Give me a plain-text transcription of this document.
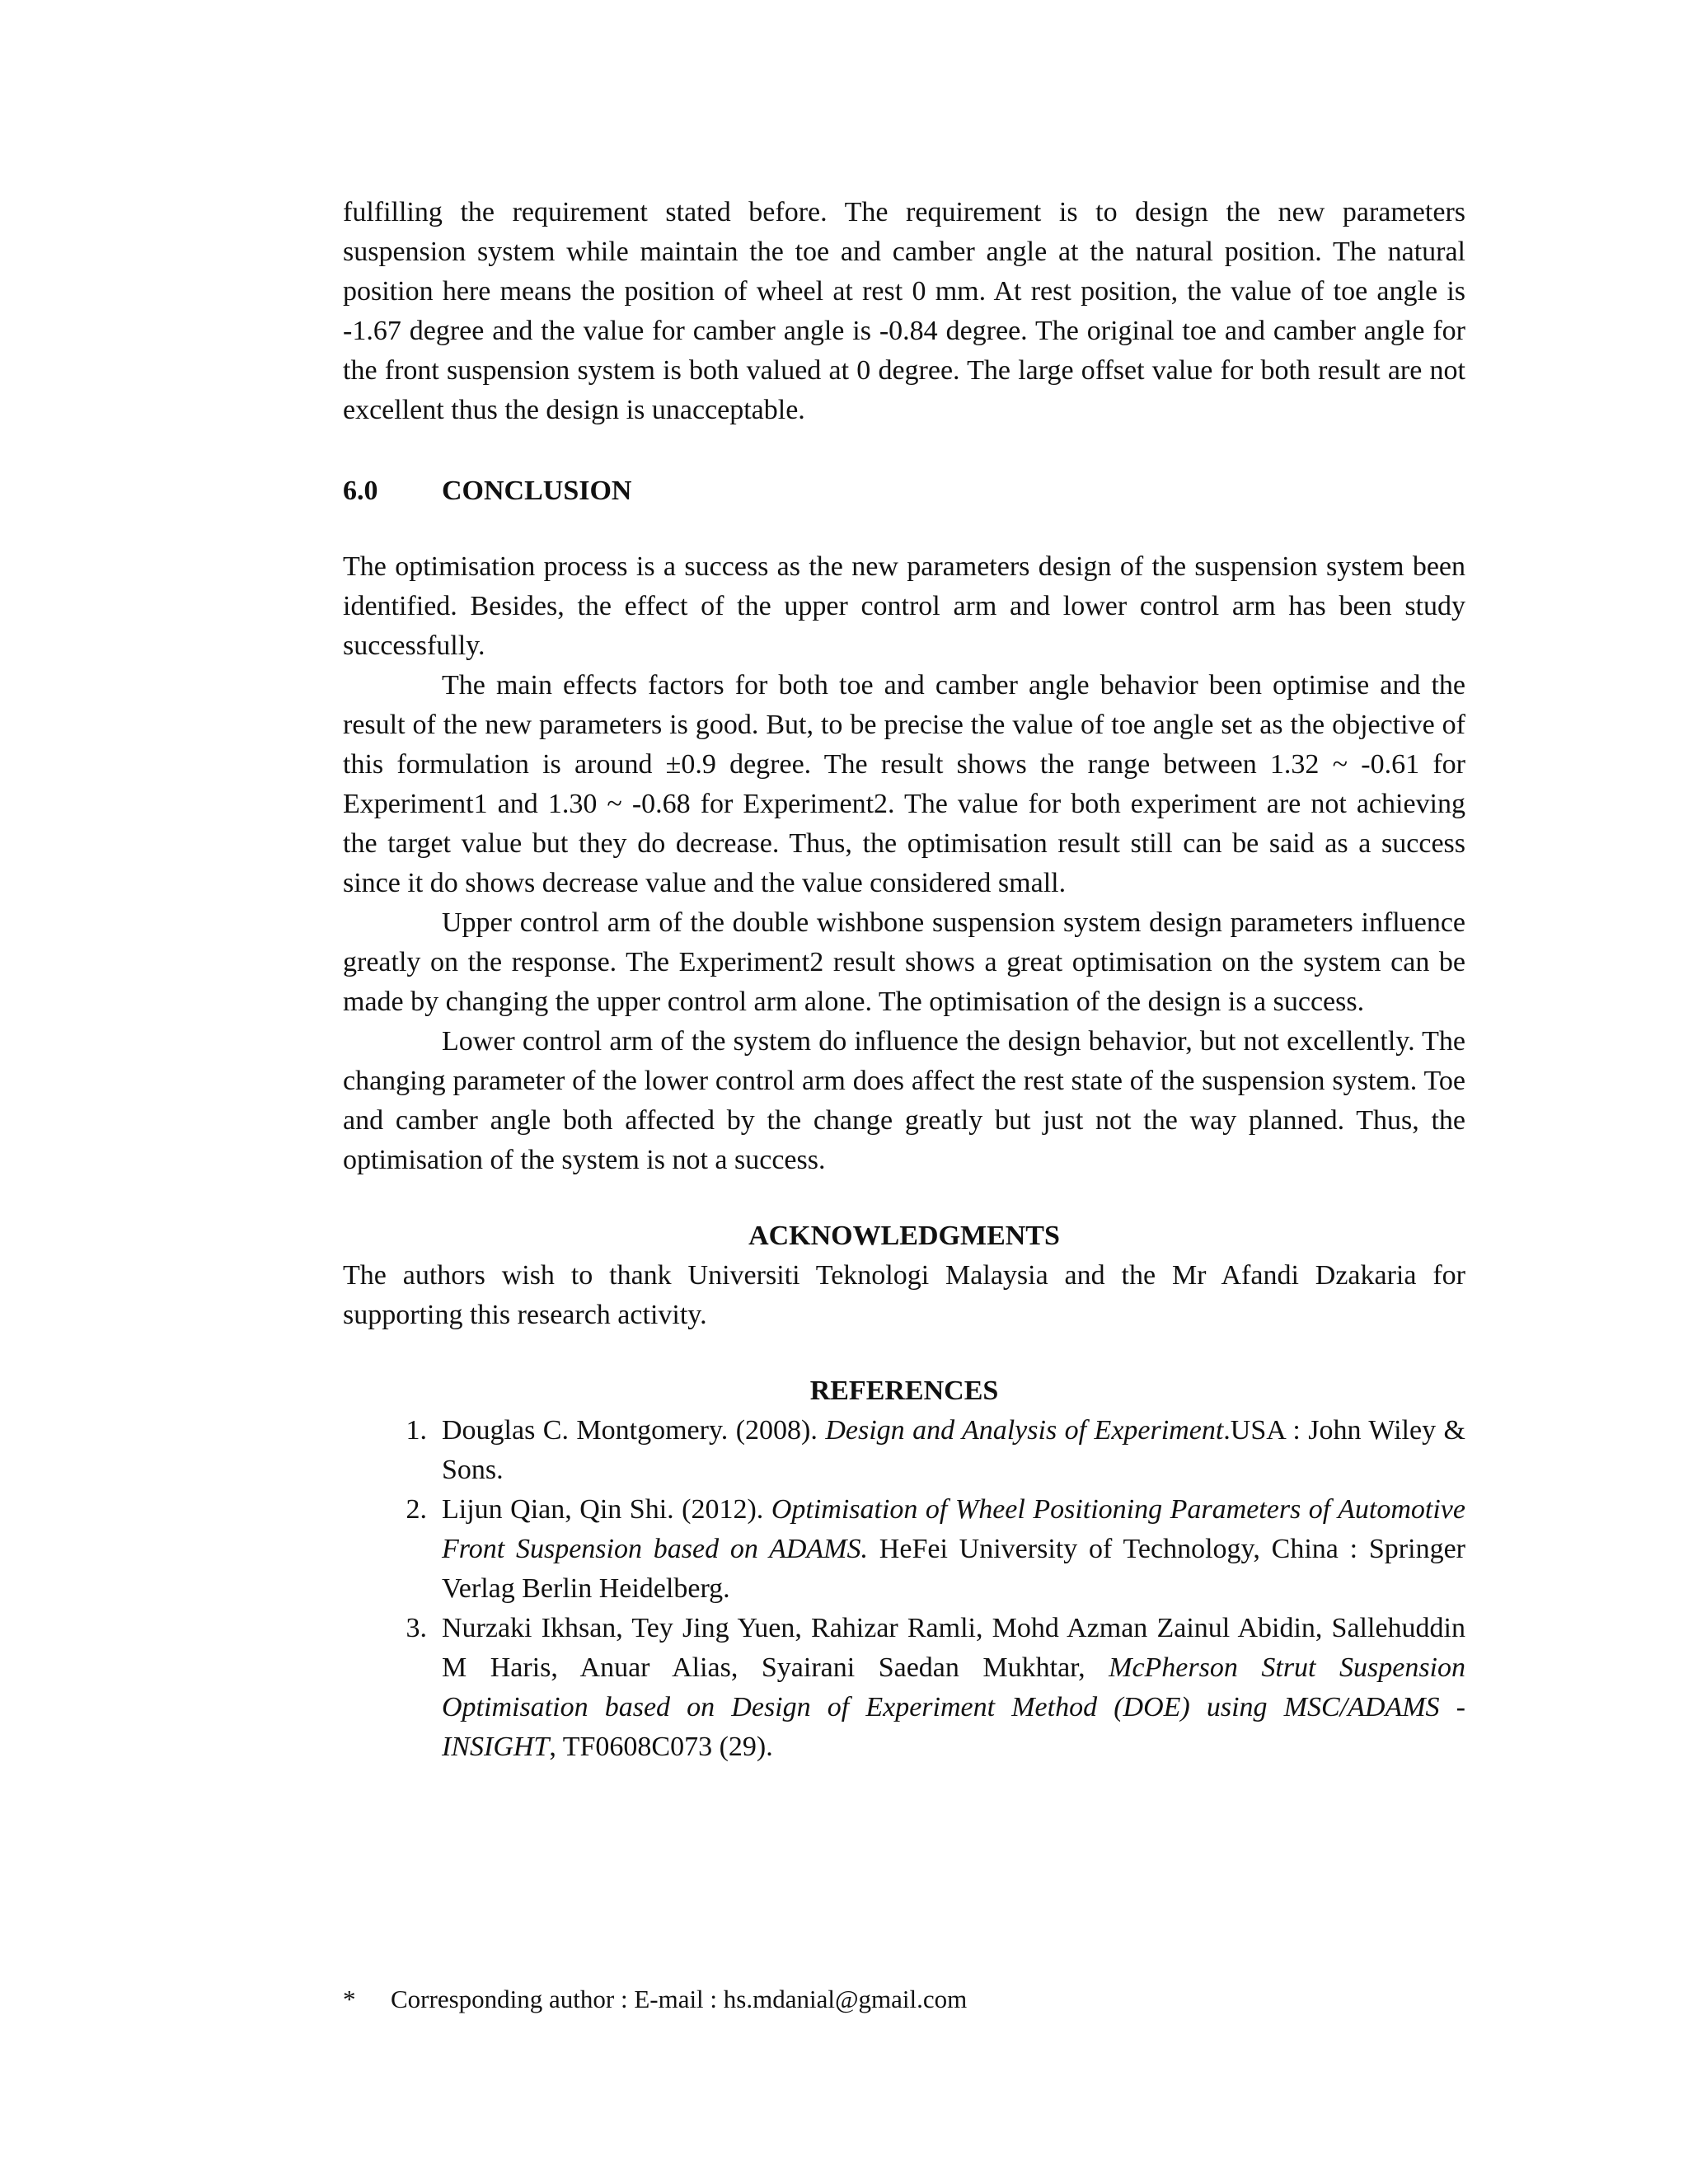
fulfilling the requirement stated before. The requirement is to design the new parameters suspension system while maintain the toe and camber angle at the natural position. The natural position here means the position of wheel at rest 0 mm. At rest position, the value of toe angle is -1.67 degree and the value for camber angle is -0.84 degree. The original toe and camber angle for the front suspension system is both valued at 0 degree. The large offset value for both result are not excellent thus the design is unacceptable.

6.0	CONCLUSION

The optimisation process is a success as the new parameters design of the suspension system been identified. Besides, the effect of the upper control arm and lower control arm has been study successfully.

The main effects factors for both toe and camber angle behavior been optimise and the result of the new parameters is good. But, to be precise the value of toe angle set as the objective of this formulation is around ±0.9 degree. The result shows the range between 1.32 ~ -0.61 for Experiment1 and 1.30 ~ -0.68 for Experiment2. The value for both experiment are not achieving the target value but they do decrease. Thus, the optimisation result still can be said as a success since it do shows decrease value and the value considered small.

Upper control arm of the double wishbone suspension system design parameters influence greatly on the response. The Experiment2 result shows a great optimisation on the system can be made by changing the upper control arm alone. The optimisation of the design is a success.

Lower control arm of the system do influence the design behavior, but not excellently. The changing parameter of the lower control arm does affect the rest state of the suspension system. Toe and camber angle both affected by the change greatly but just not the way planned. Thus, the optimisation of the system is not a success.

ACKNOWLEDGMENTS

The authors wish to thank Universiti Teknologi Malaysia and the Mr Afandi Dzakaria for supporting this research activity.

REFERENCES
1. Douglas C. Montgomery. (2008). Design and Analysis of Experiment.USA : John Wiley & Sons.
2. Lijun Qian, Qin Shi. (2012). Optimisation of Wheel Positioning Parameters of Automotive Front Suspension based on ADAMS. HeFei University of Technology, China : Springer Verlag Berlin Heidelberg.
3. Nurzaki Ikhsan, Tey Jing Yuen, Rahizar Ramli, Mohd Azman Zainul Abidin, Sallehuddin M Haris, Anuar Alias, Syairani Saedan Mukhtar, McPherson Strut Suspension Optimisation based on Design of Experiment Method (DOE) using MSC/ADAMS - INSIGHT, TF0608C073 (29).
*	Corresponding author : E-mail : hs.mdanial@gmail.com
